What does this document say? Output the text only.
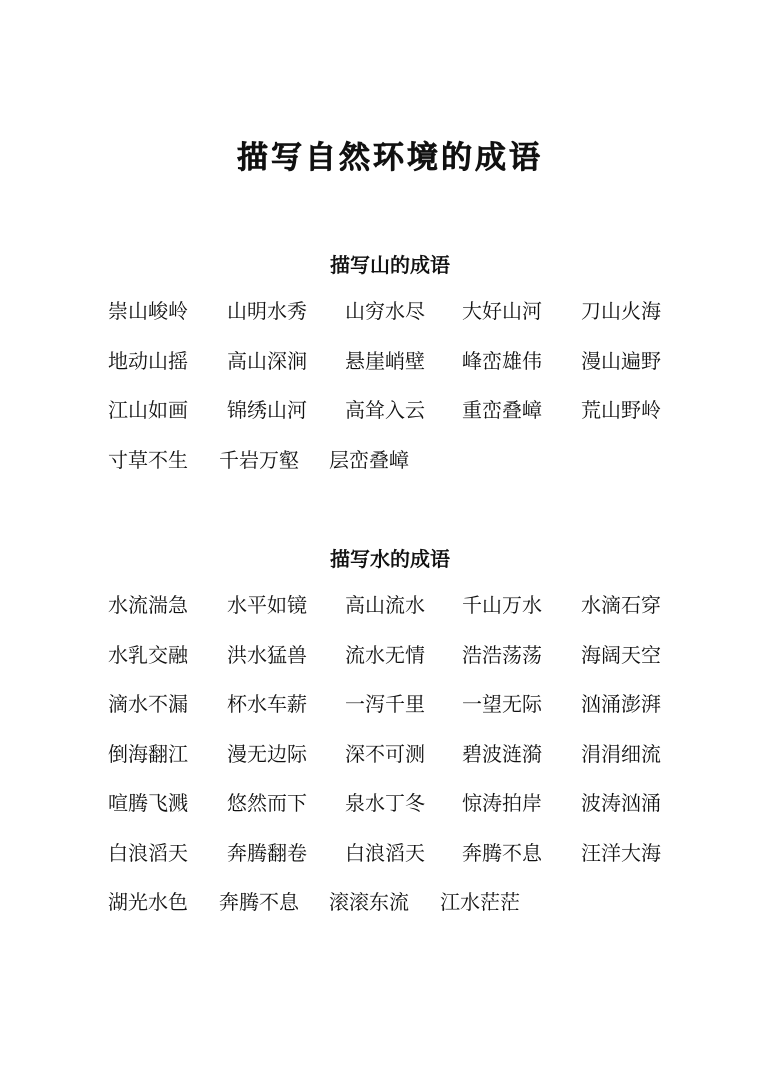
描写自然环境的成语
描写山的成语
崇山峻岭 山明水秀 山穷水尽 大好山河 刀山火海
地动山摇 高山深涧 悬崖峭壁 峰峦雄伟 漫山遍野
江山如画 锦绣山河 高耸入云 重峦叠嶂 荒山野岭
寸草不生 千岩万壑 层峦叠嶂
描写水的成语
水流湍急 水平如镜 高山流水 千山万水 水滴石穿
水乳交融 洪水猛兽 流水无情 浩浩荡荡 海阔天空
滴水不漏 杯水车薪 一泻千里 一望无际 汹涌澎湃
倒海翻江 漫无边际 深不可测 碧波涟漪 涓涓细流
喧腾飞溅 悠然而下 泉水丁冬 惊涛拍岸 波涛汹涌
白浪滔天 奔腾翻卷 白浪滔天 奔腾不息 汪洋大海
湖光水色 奔腾不息 滚滚东流 江水茫茫
